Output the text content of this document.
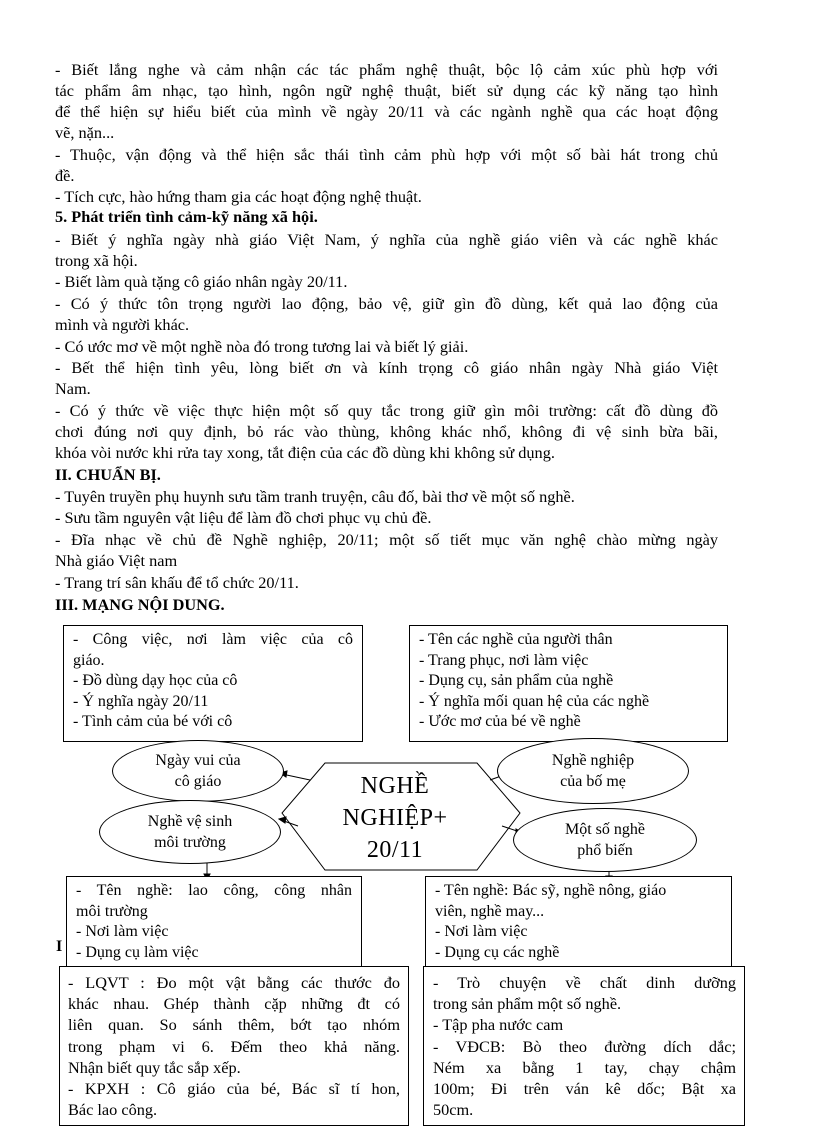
- Biết lắng nghe và cảm nhận các tác phẩm nghệ thuật, bộc lộ cảm xúc phù hợp với
tác phẩm âm nhạc, tạo hình, ngôn ngữ nghệ thuật, biết sử dụng các kỹ năng tạo hình
để thể hiện sự hiểu biết của mình về ngày 20/11 và các ngành nghề qua các hoạt động
vẽ, nặn...
- Thuộc, vận động và thể hiện sắc thái tình cảm phù hợp với một số bài hát trong chủ
đề.
- Tích cực, hào hứng tham gia các hoạt động nghệ thuật.
5. Phát triển tình cảm-kỹ năng xã hội.
- Biết ý nghĩa ngày nhà giáo Việt Nam, ý nghĩa của nghề giáo viên và các nghề khác
trong xã hội.
- Biết làm quà tặng cô giáo nhân ngày 20/11.
- Có ý thức tôn trọng người lao động, bảo vệ, giữ gìn đồ dùng, kết quả lao động của
mình và người khác.
- Có ước mơ về một nghề nòa đó trong tương lai và biết lý giải.
- Bết thể hiện tình yêu, lòng biết ơn và kính trọng cô giáo nhân ngày Nhà giáo Việt
Nam.
- Có ý thức về việc thực hiện một số quy tắc trong giữ gìn môi trường: cất đồ dùng đồ
chơi đúng nơi quy định, bỏ rác vào thùng, không khác nhổ, không đi vệ sinh bừa bãi,
khóa vòi nước khi rửa tay xong, tắt điện của các đồ dùng khi không sử dụng.
II. CHUẨN BỊ.
- Tuyên truyền phụ huynh sưu tầm tranh truyện, câu đố, bài thơ về một số nghề.
- Sưu tầm nguyên vật liệu để làm đồ chơi phục vụ chủ đề.
- Đĩa nhạc về chủ đề Nghề nghiệp, 20/11; một số tiết mục văn nghệ chào mừng ngày
Nhà giáo Việt nam
- Trang trí sân khấu để tổ chức 20/11.
III. MẠNG NỘI DUNG.
- Công việc, nơi làm việc của cô
giáo.
- Đồ dùng dạy học của cô
- Ý nghĩa ngày 20/11
- Tình cảm của bé với cô
- Tên các nghề của người thân
- Trang phục, nơi làm việc
- Dụng cụ, sản phẩm của nghề
- Ý nghĩa mối quan hệ của các nghề
- Ước mơ của bé về nghề
Ngày vui của
cô giáo
Nghề nghiệp
của bố mẹ
Nghề vệ sinh
môi trường
Một số nghề
phổ biến
NGHỀ
NGHIỆP+
20/11
- Tên nghề: lao công, công nhân
môi trường
- Nơi làm việc
- Dụng cụ làm việc
I
- Tên nghề: Bác sỹ, nghề nông, giáo
viên, nghề may...
- Nơi làm việc
- Dụng cụ các nghề
- LQVT : Đo một vật bằng các thước đo
khác nhau. Ghép thành cặp những đt có
liên quan. So sánh thêm, bớt tạo nhóm
trong phạm vi 6. Đếm theo khả năng.
Nhận biết quy tắc sắp xếp.
- KPXH : Cô giáo của bé, Bác sĩ tí hon,
Bác lao công.
- Trò chuyện về chất dinh dưỡng
trong sản phẩm một số nghề.
- Tập pha nước cam
- VĐCB: Bò theo đường dích dắc;
Ném xa bằng 1 tay, chạy chậm
100m; Đi trên ván kê dốc; Bật xa
50cm.
